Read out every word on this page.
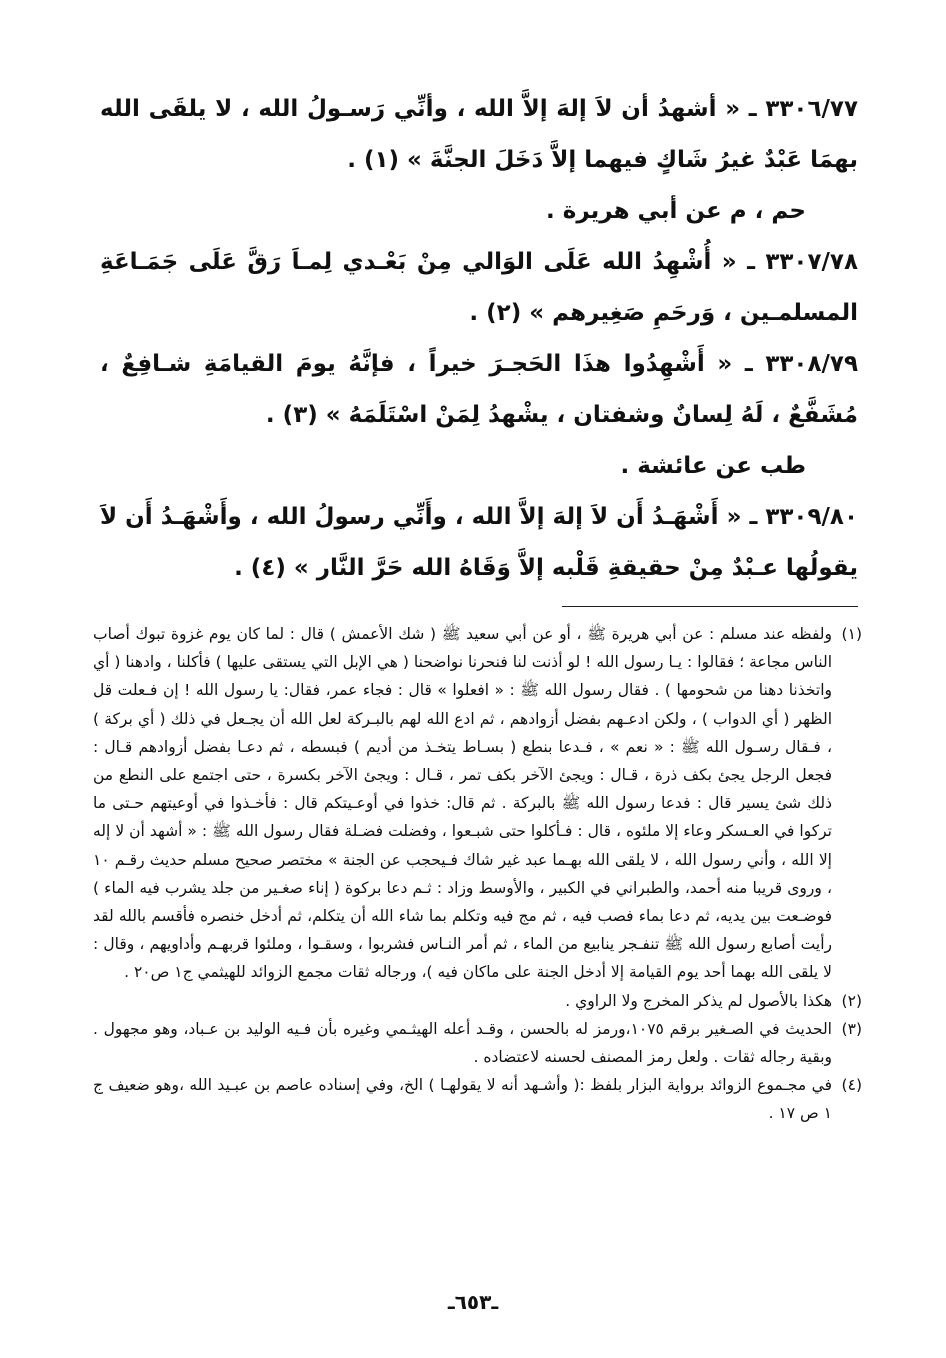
٣٣٠٦/٧٧ ـ « أشهدُ أن لاَ إلهَ إلاَّ الله ، وأنِّي رَسـولُ الله ، لا يلقَى الله بهمَا عَبْدٌ غيرُ شَاكٍ فيهما إلاَّ دَخَلَ الجنَّةَ » (١) .

حم ، م عن أبي هريرة .

٣٣٠٧/٧٨ ـ « أُشْهِدُ الله عَلَى الوَالي مِنْ بَعْـدي لِمـاَ رَقَّ عَلَى جَمَـاعَةِ المسلمـين ، وَرحَمِ صَغِيرهم » (٢) .

٣٣٠٨/٧٩ ـ « أَشْهِدُوا هذَا الحَجـرَ خيراً ، فإنَّهُ يومَ القيامَةِ شـافِعٌ ، مُشَفَّعٌ ، لَهُ لِسانٌ وشفتان ، يشْهدُ لِمَنْ اسْتَلَمَهُ » (٣) .

طب عن عائشة .

٣٣٠٩/٨٠ ـ « أَشْهَـدُ أَن لاَ إلهَ إلاَّ الله ، وأَنِّي رسولُ الله ، وأَشْهَـدُ أَن لاَ يقولُها عـبْدٌ مِنْ حقيقةِ قَلْبه إلاَّ وَقَاهُ الله حَرَّ النَّار » (٤) .

(١)
ولفظه عند مسلم : عن أبي هريرة ﷺ ، أو عن أبي سعيد ﷺ ( شك الأعمش ) قال : لما كان يوم غزوة تبوك أصاب الناس مجاعة ؛ فقالوا : يـا رسول الله ! لو أذنت لنا فنحرنا نواضحنا ( هي الإبل التي يستقى عليها ) فأكلنا ، وادهنا ( أي واتخذنا دهنا من شحومها ) . فقال رسول الله ﷺ : « افعلوا » قال : فجاء عمر، فقال: يا رسول الله ! إن فـعلت قل الظهر ( أي الدواب ) ، ولكن ادعـهم بفضل أزوادهم ، ثم ادع الله لهم بالبـركة لعل الله أن يجـعل في ذلك ( أي بركة ) ، فـقال رسـول الله ﷺ : « نعم » ، فـدعا بنطع ( بسـاط يتخـذ من أديم ) فبسطه ، ثم دعـا بفضل أزوادهم قـال : فجعل الرجل يجئ بكف ذرة ، قـال : ويجئ الآخر بكف تمر ، قـال : ويجئ الآخر بكسرة ، حتى اجتمع على النطع من ذلك شئ يسير قال : فدعا رسول الله ﷺ بالبركة . ثم قال: خذوا في أوعـيتكم قال : فأخـذوا في أوعيتهم حـتى ما تركوا في العـسكر وعاء إلا ملئوه ، قال : فـأكلوا حتى شبـعوا ، وفضلت فضـلة فقال رسول الله ﷺ : « أشهد أن لا إله إلا الله ، وأني رسول الله ، لا يلقى الله بهـما عبد غير شاك فـيحجب عن الجنة » مختصر صحيح مسلم حديث رقـم ١٠ ، وروى قريبا منه أحمد، والطبراني في الكبير ، والأوسط وزاد : ثـم دعا بركوة ( إناء صغـير من جلد يشرب فيه الماء ) فوضـعت بين يديه، ثم دعا بماء فصب فيه ، ثم مج فيه وتكلم بما شاء الله أن يتكلم، ثم أدخل خنصره فأقسم بالله لقد رأيت أصابع رسول الله ﷺ تنفـجر ينابيع من الماء ، ثم أمر النـاس فشربوا ، وسقـوا ، وملئوا قربهـم وأداويهم ، وقال : لا يلقى الله بهما أحد يوم القيامة إلا أدخل الجنة على ماكان فيه )، ورجاله ثقات مجمع الزوائد للهيثمي ج١ ص٢٠ .

(٢)
هكذا بالأصول لم يذكر المخرج ولا الراوي .

(٣)
الحديث في الصـغير برقم ١٠٧٥،ورمز له بالحسن ، وقـد أعله الهيثـمي وغيره بأن فـيه الوليد بن عـباد، وهو مجهول . وبقية رجاله ثقات . ولعل رمز المصنف لحسنه لاعتضاده .

(٤)
في مجـموع الزوائد برواية البزار بلفظ :( وأشـهد أنه لا يقولهـا ) الخ، وفي إسناده عاصم بن عبـيد الله ،وهو ضعيف ج ١ ص ١٧ .

ـ٦٥٣ـ
